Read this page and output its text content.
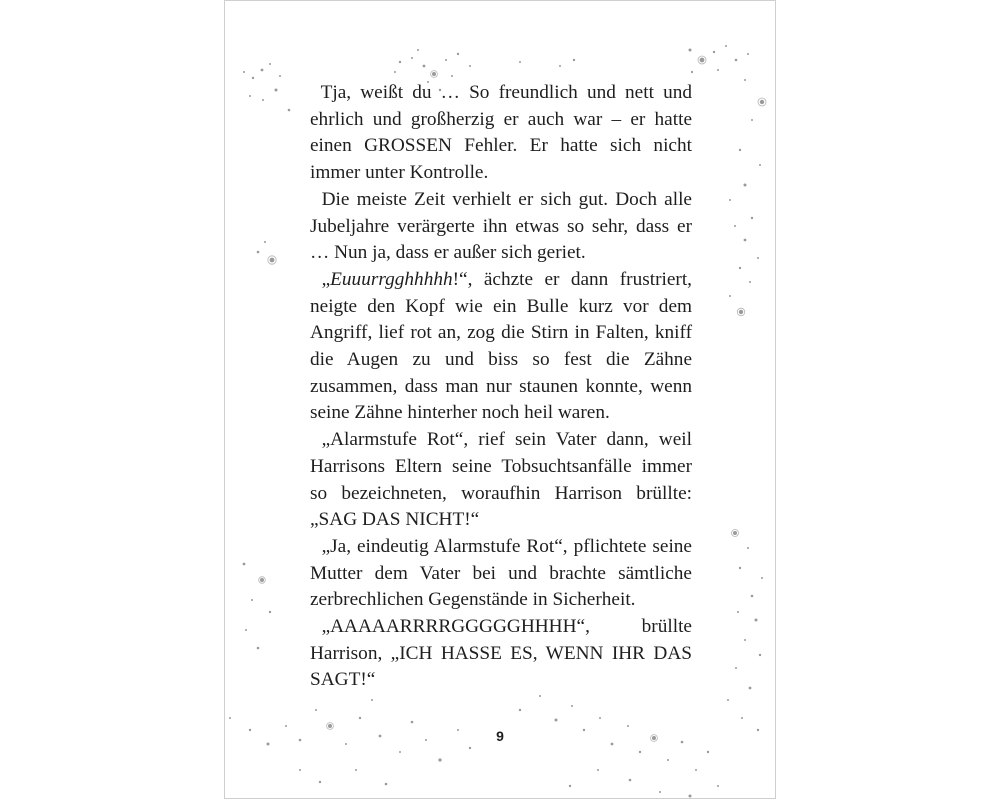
Tja, weißt du … So freundlich und nett und ehrlich und großherzig er auch war – er hatte einen GROSSEN Fehler. Er hatte sich nicht immer unter Kontrolle.

Die meiste Zeit verhielt er sich gut. Doch alle Jubeljahre verärgerte ihn etwas so sehr, dass er … Nun ja, dass er außer sich geriet.

„Euuurrgghhhhh!“, ächzte er dann frustriert, neigte den Kopf wie ein Bulle kurz vor dem Angriff, lief rot an, zog die Stirn in Falten, kniff die Augen zu und biss so fest die Zähne zusammen, dass man nur staunen konnte, wenn seine Zähne hinterher noch heil waren.

„Alarmstufe Rot“, rief sein Vater dann, weil Harrisons Eltern seine Tobsuchtsanfälle immer so bezeichneten, woraufhin Harrison brüllte: „SAG DAS NICHT!“

„Ja, eindeutig Alarmstufe Rot“, pflichtete seine Mutter dem Vater bei und brachte sämtliche zerbrechlichen Gegenstände in Sicherheit.

„AAAAARRRRGGGGGHHHH“, brüllte Harrison, „ICH HASSE ES, WENN IHR DAS SAGT!“

9
